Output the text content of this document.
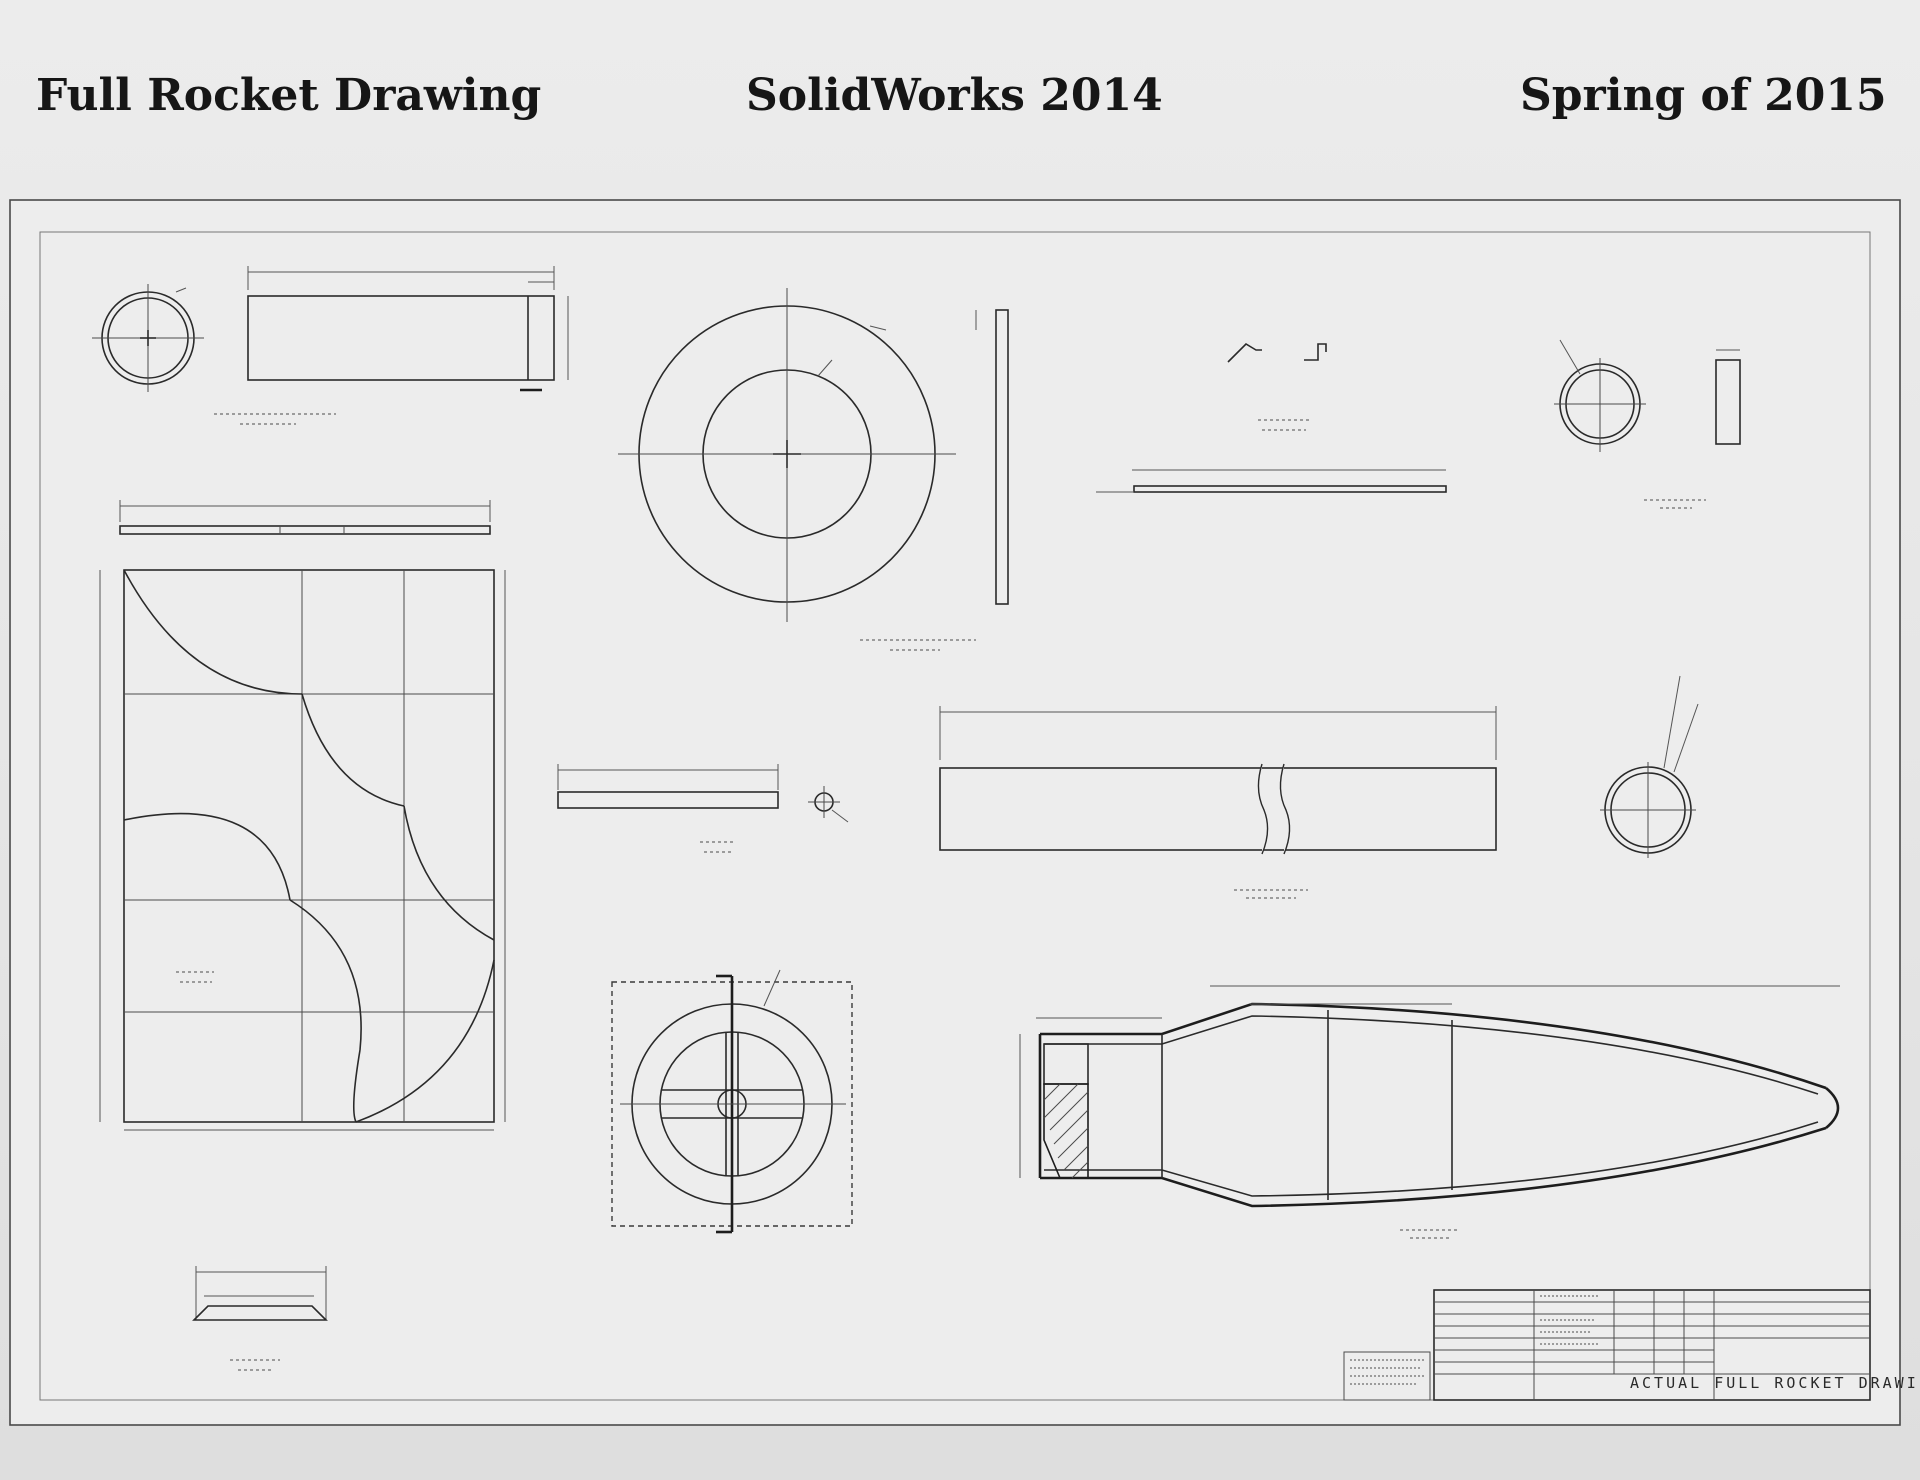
Full Rocket Drawing	SolidWorks 2014	Spring of 2015
ACTUAL FULL ROCKET DRAWI
